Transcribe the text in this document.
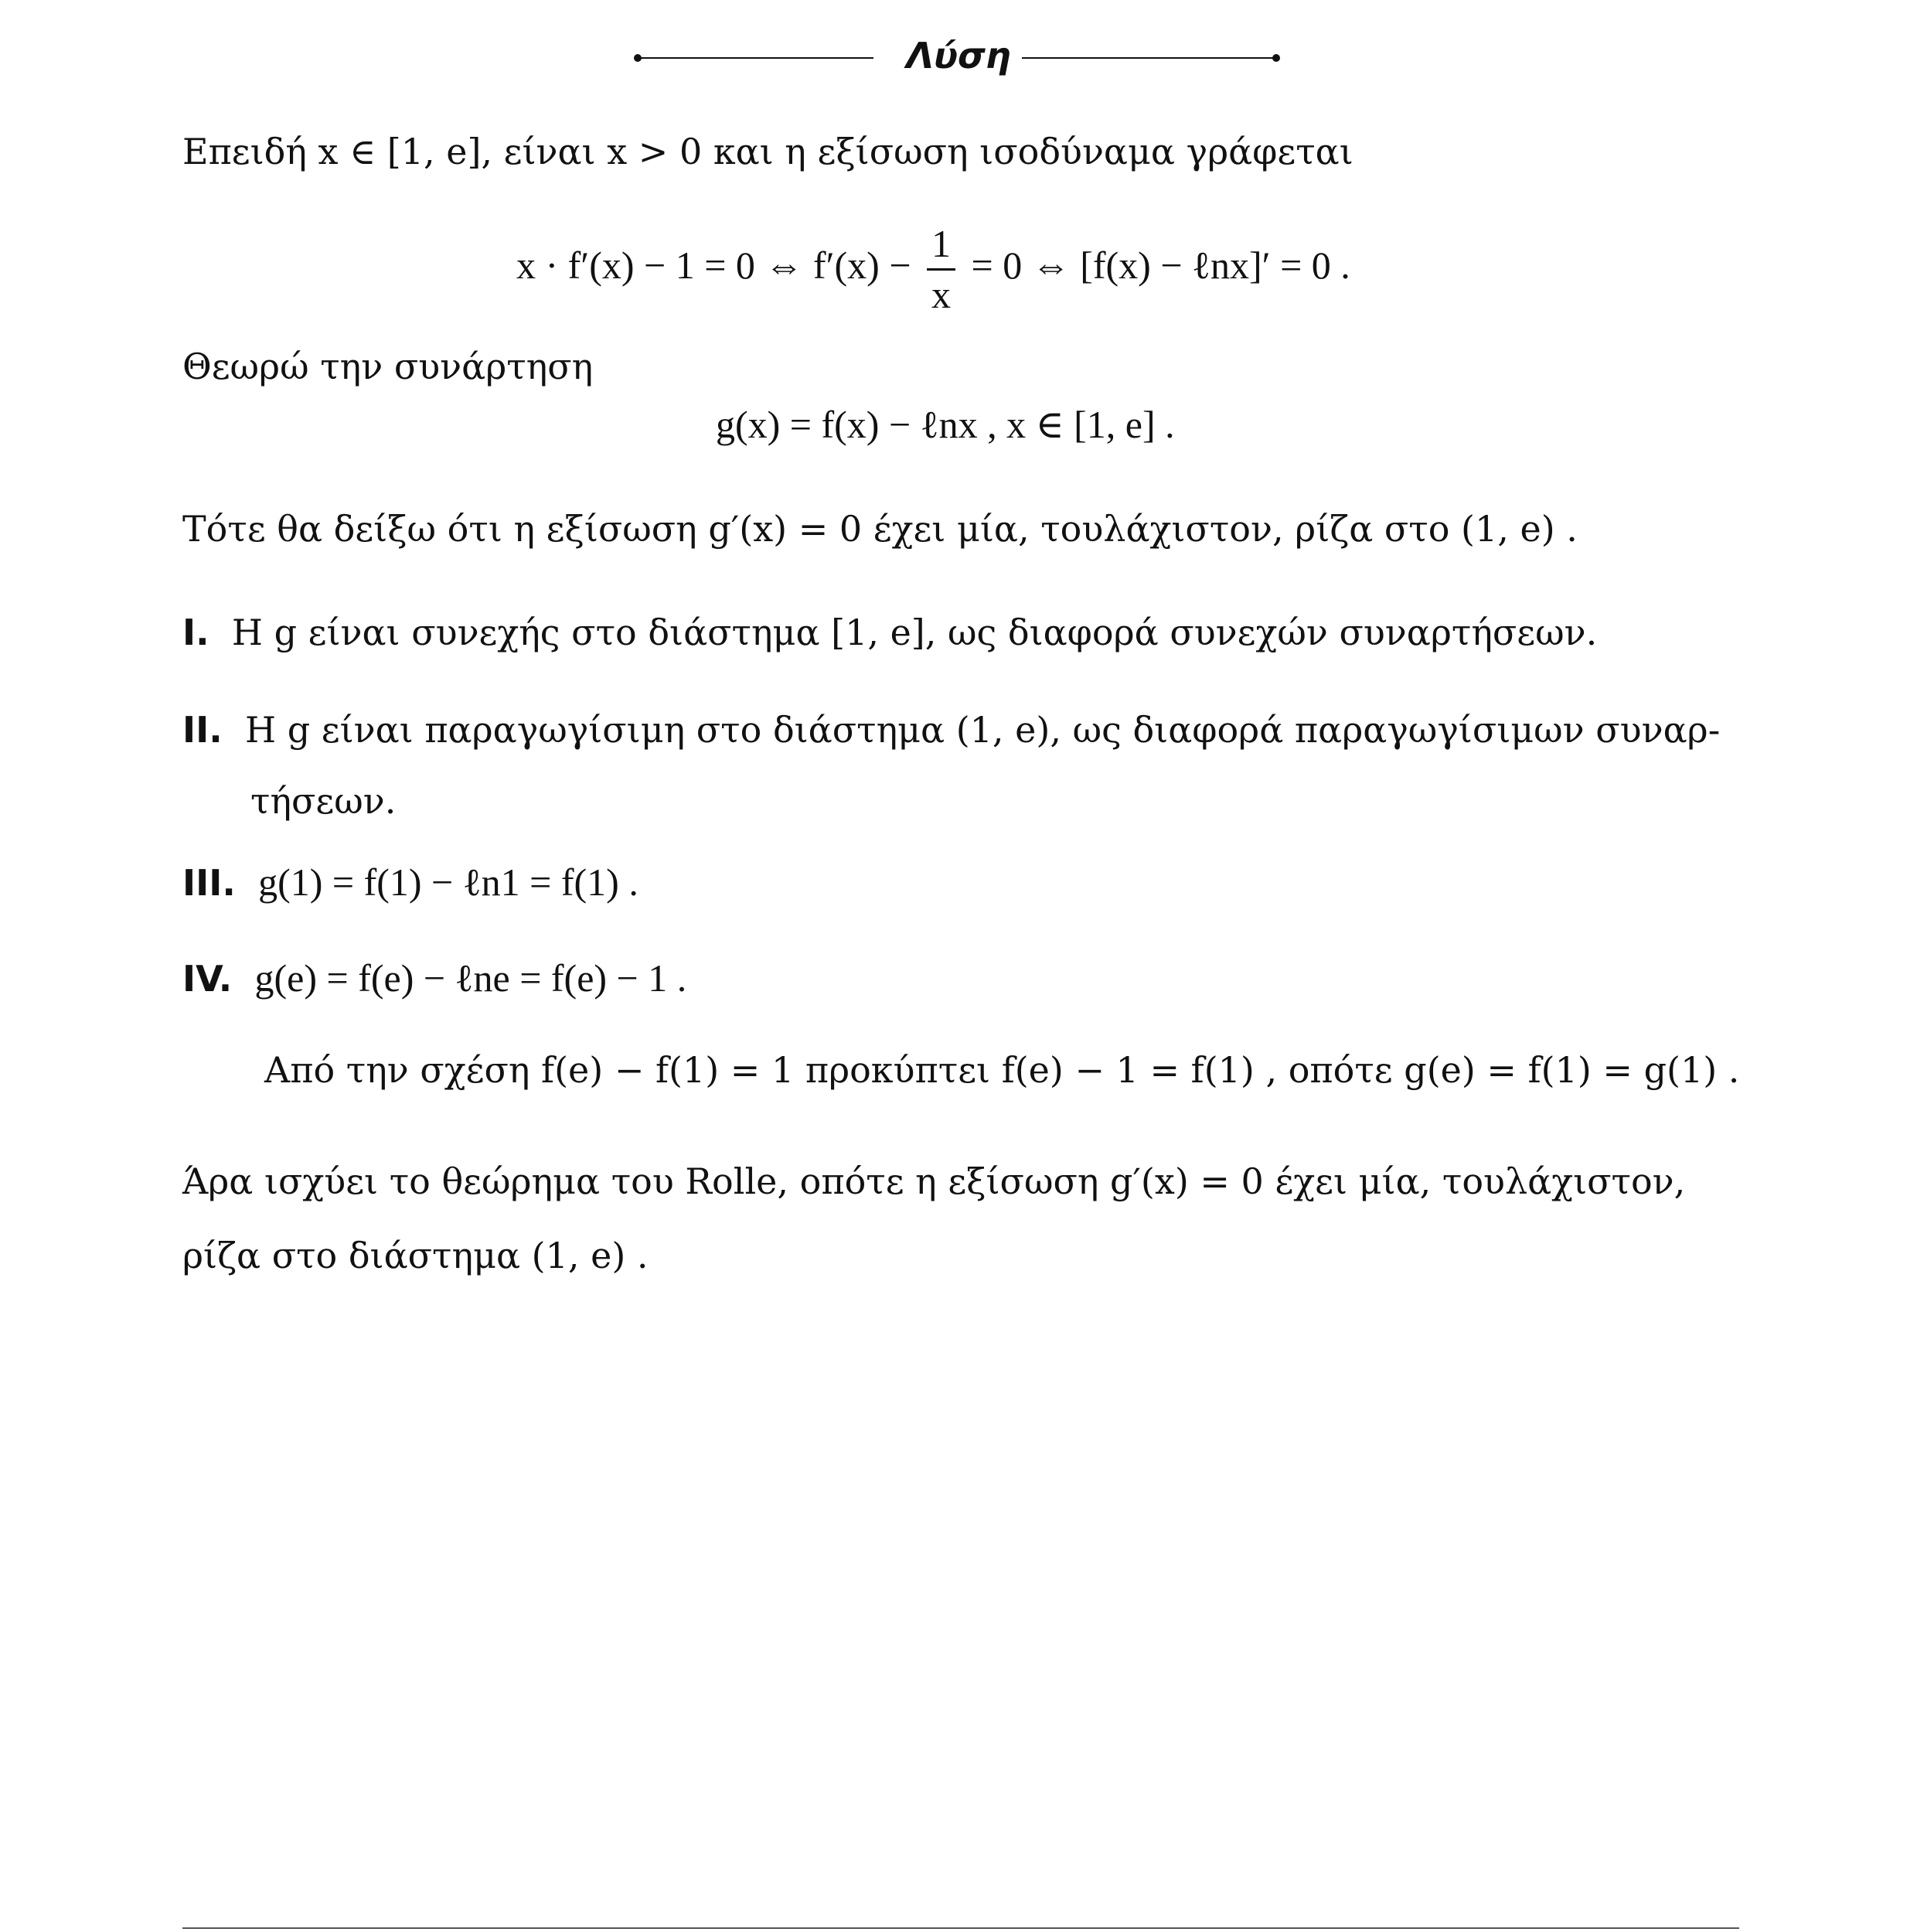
Λύση
Επειδή x ∈ [1, e], είναι x > 0 και η εξίσωση ισοδύναμα γράφεται
x · f′(x) − 1 = 0 ⇔ $f'(x) - \frac{1}{x} = 0$ ⇔ [f(x) − ℓnx]′ = 0 .
Θεωρώ την συνάρτηση
g(x) = f(x) − ℓnx , x ∈ [1, e] .
Τότε θα δείξω ότι η εξίσωση g′(x) = 0 έχει μία, τουλάχιστον, ρίζα στο (1, e) .
I. Η g είναι συνεχής στο διάστημα [1, e], ως διαφορά συνεχών συναρτήσεων.
II. Η g είναι παραγωγίσιμη στο διάστημα (1, e), ως διαφορά παραγωγίσιμων συναρ-
τήσεων.
III. g(1) = f(1) − ℓn1 = f(1) .
IV. g(e) = f(e) − ℓne = f(e) − 1 .
Από την σχέση f(e) − f(1) = 1 προκύπτει f(e) − 1 = f(1) , οπότε g(e) = f(1) = g(1) .
Άρα ισχύει το θεώρημα του Rolle, οπότε η εξίσωση g′(x) = 0 έχει μία, τουλάχιστον,
ρίζα στο διάστημα (1, e) .
